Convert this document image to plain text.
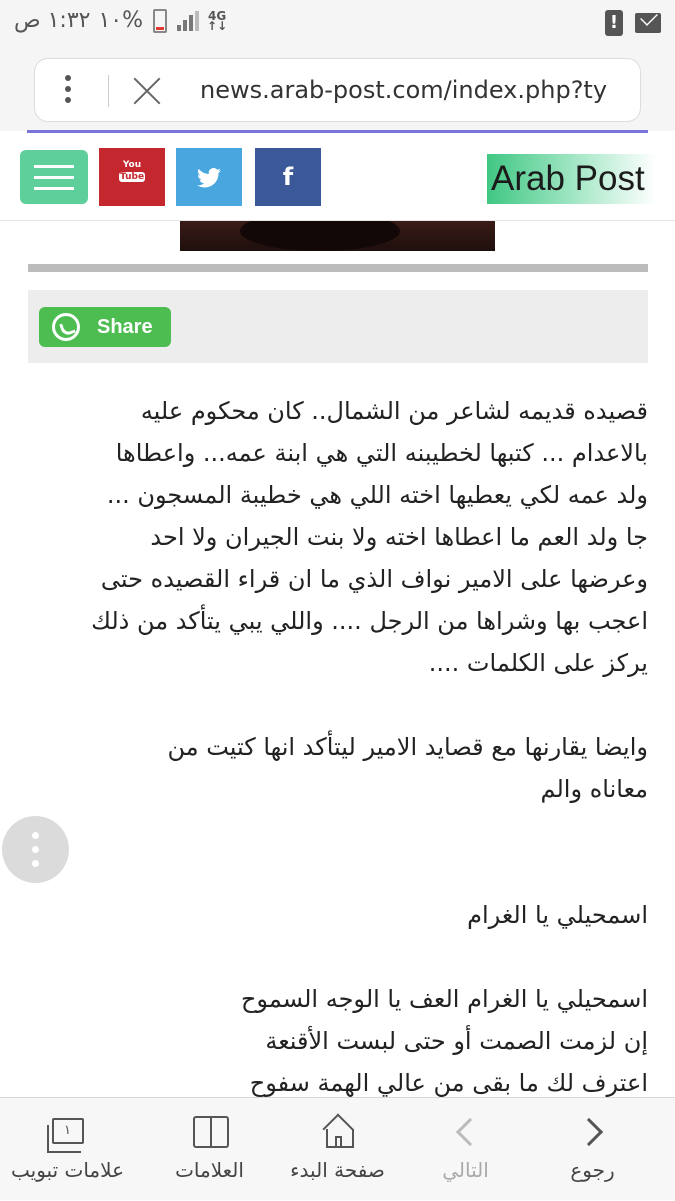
١:٣٢ ص ١٠%	4G
↑↓	!
news.arab-post.com/index.php?ty
You
Tube	f	Arab Post
Share

قصيده قديمه لشاعر من الشمال.. كان محكوم عليه

بالاعدام ... كتبها لخطيبنه التي هي ابنة عمه... واعطاها

ولد عمه لكي يعطيها اخته اللي هي خطيبة المسجون ...

جا ولد العم ما اعطاها اخته ولا بنت الجيران ولا احد

وعرضها على الامير نواف الذي ما ان قراء القصيده حتى

اعجب بها وشراها من الرجل .... واللي يبي يتأكد من ذلك

يركز على الكلمات ....

وايضا يقارنها مع قصايد الامير ليتأكد انها كتيت من

معاناه والم

اسمحيلي يا الغرام

اسمحيلي يا الغرام العف يا الوجه السموح

إن لزمت الصمت أو حتى لبست الأقنعة

اعترف لك ما بقى من عالي الهمة سفوح

١
علامات تبويب	العلامات	صفحة البدء	التالي	رجوع
